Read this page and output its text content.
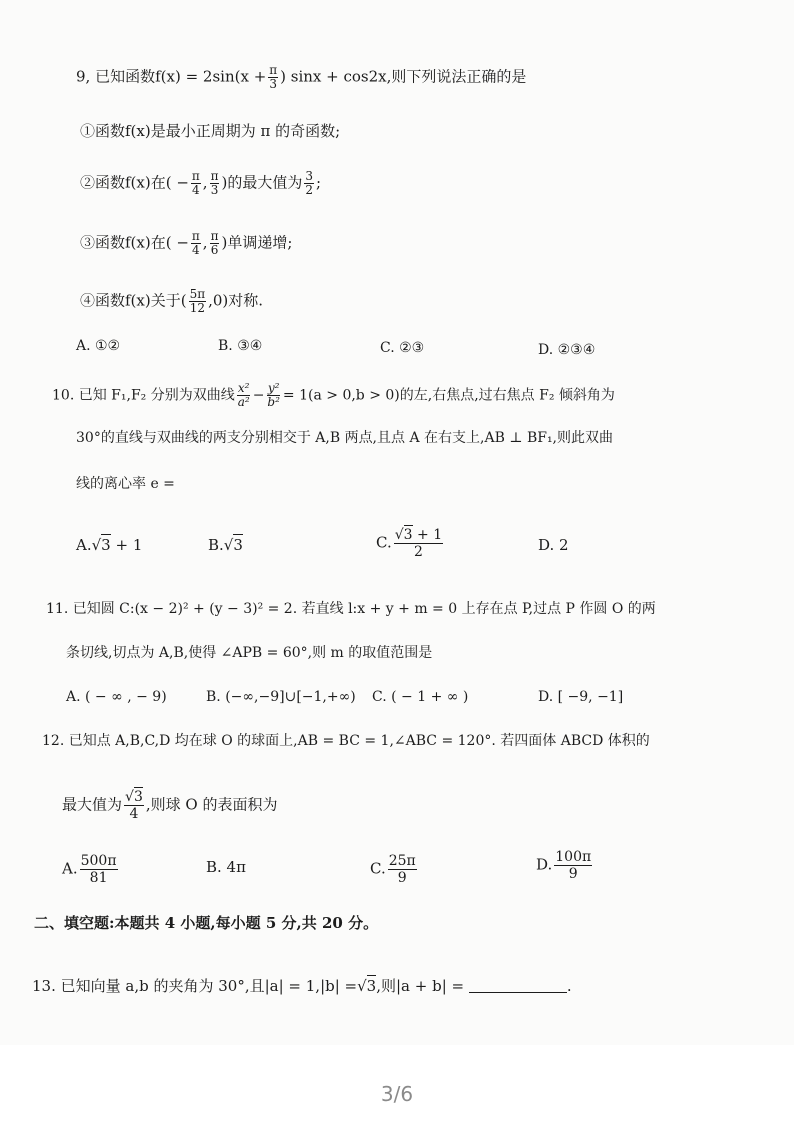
9, 已知函数$f(x) = 2\sin(x + \frac{\pi}{3}$ ) sinx + cos2x,则下列说法正确的是
①函数f(x)是最小正周期为 π 的奇函数;
②函数f(x)在( − $\frac{\pi}{4}$ , $\frac{\pi}{3}$ )的最大值为 $\frac{3}{2}$ ;
③函数f(x)在( − $\frac{\pi}{4}$ , $\frac{\pi}{6}$ )单调递增;
④函数f(x)关于( $\frac{5\pi}{12} ,0$)对称.
A. ①②	B. ③④	C. ②③	D. ②③④
10. 已知 F₁,F₂ 分别为双曲线 $\frac{\text{x²}}{\text{a²}} - \frac{\text{y²}}{\text{b²}} = 1(a > 0,b > 0)$的左,右焦点,过右焦点 F₂ 倾斜角为
30°的直线与双曲线的两支分别相交于 A,B 两点,且点 A 在右支上,AB ⊥ BF₁,则此双曲
线的离心率 e =
A.√3 + 1	B.√3	C. $\frac{√3 + 1}{2}$	D. 2
11. 已知圆 C:(x − 2)² + (y − 3)² = 2. 若直线 l:x + y + m = 0 上存在点 P,过点 P 作圆 O 的两
条切线,切点为 A,B,使得 ∠APB = 60°,则 m 的取值范围是
A. ( − ∞ , − 9)	B. (−∞,−9]∪[−1,+∞) C. ( − 1 + ∞ )	D. [ −9, −1]
12. 已知点 A,B,C,D 均在球 O 的球面上,AB = BC = 1,∠ABC = 120°. 若四面体 ABCD 体积的
最大值为 $\frac{√3}{4}$ ,则球 O 的表面积为
A. $\frac{500\pi}{81}$	B. 4π	C. $\frac{25\pi}{9}$	D. $\frac{100\pi}{9}$
二、填空题:本题共 4 小题,每小题 5 分,共 20 分。
13. 已知向量 a,b 的夹角为 30°,且|a| = 1,|b| =√3,则|a + b| =	.
3/6
